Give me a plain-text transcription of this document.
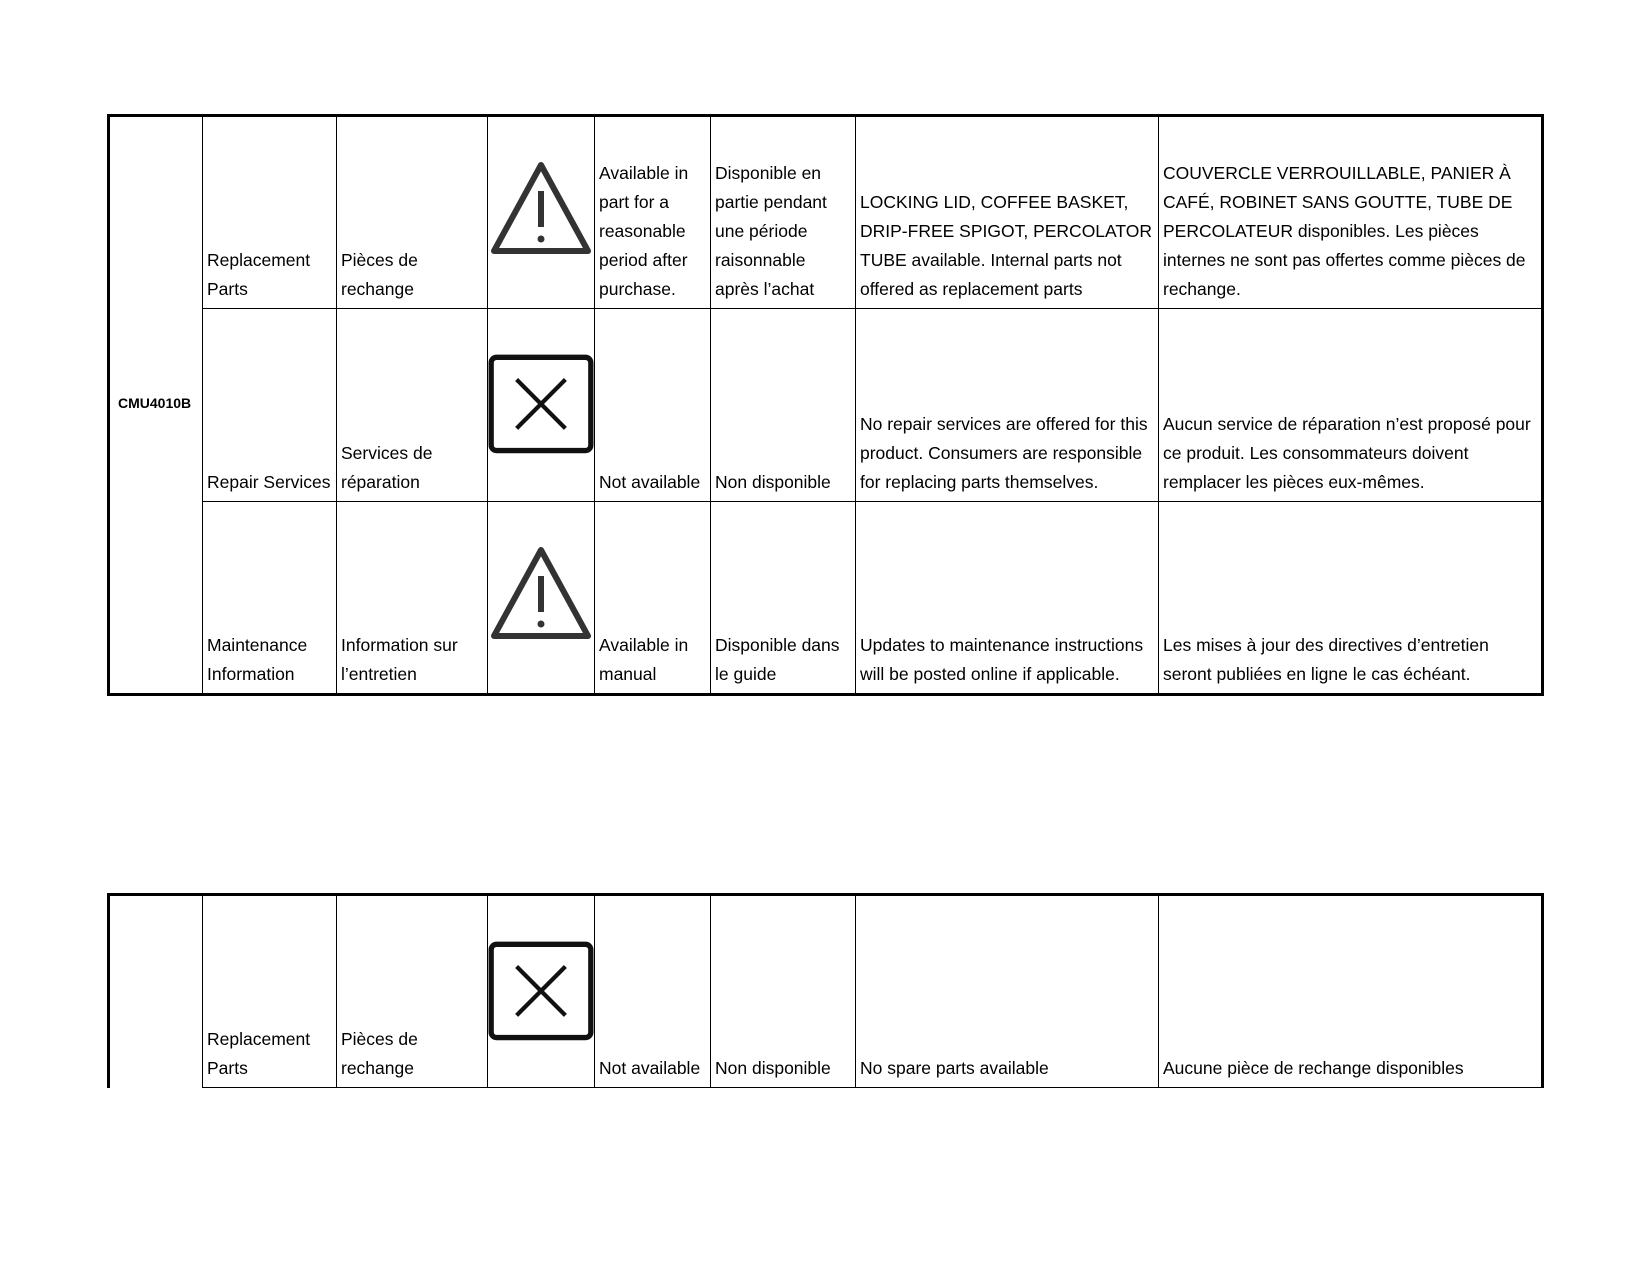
CMU4010B	Replacement Parts	Pièces de rechange		Available in part for a reasonable period after purchase.	Disponible en partie pendant une période raisonnable après l’achat	LOCKING LID, COFFEE BASKET, DRIP-FREE SPIGOT, PERCOLATOR TUBE available. Internal parts not offered as replacement parts	COUVERCLE VERROUILLABLE, PANIER À CAFÉ, ROBINET SANS GOUTTE, TUBE DE PERCOLATEUR disponibles. Les pièces internes ne sont pas offertes comme pièces de rechange.
	Repair Services	Services de réparation		Not available	Non disponible	No repair services are offered for this product. Consumers are responsible for replacing parts themselves.	Aucun service de réparation n’est proposé pour ce produit. Les consommateurs doivent remplacer les pièces eux-mêmes.
	Maintenance Information	Information sur l’entretien		Available in manual	Disponible dans le guide	Updates to maintenance instructions will be posted online if applicable.	Les mises à jour des directives d’entretien seront publiées en ligne le cas échéant.
	Replacement Parts	Pièces de rechange		Not available	Non disponible	No spare parts available	Aucune pièce de rechange disponibles
